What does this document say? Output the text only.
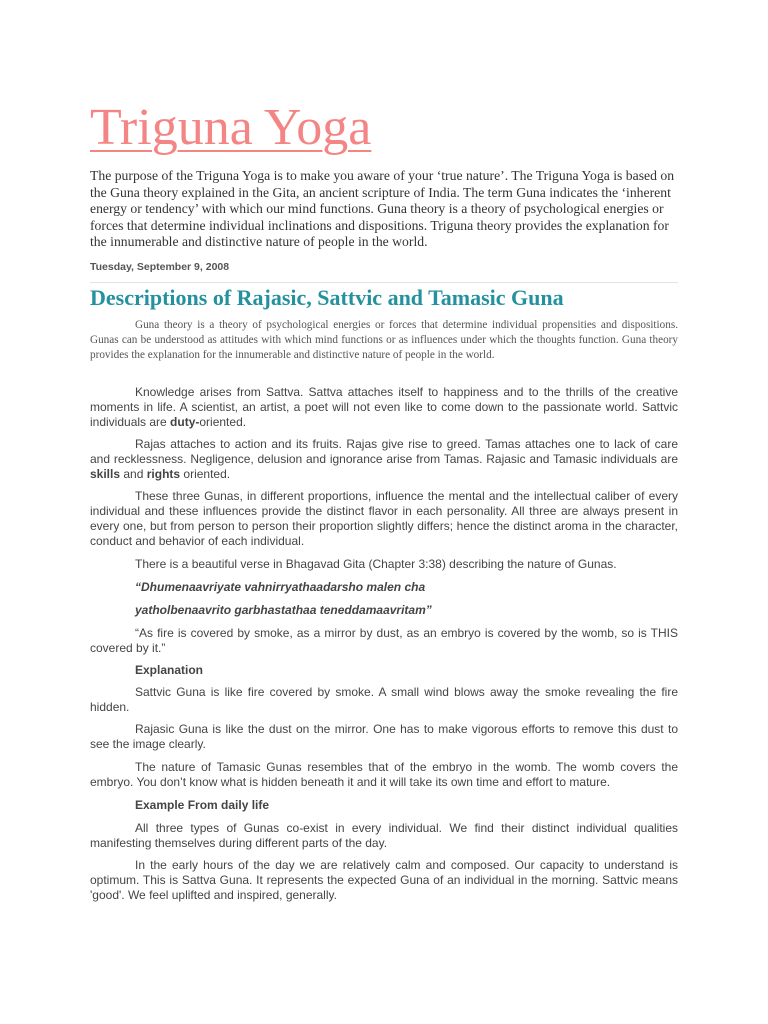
Triguna Yoga

The purpose of the Triguna Yoga is to make you aware of your ‘true nature’. The Triguna Yoga is based on the Guna theory explained in the Gita, an ancient scripture of India. The term Guna indicates the ‘inherent energy or tendency’ with which our mind functions. Guna theory is a theory of psychological energies or forces that determine individual inclinations and dispositions. Triguna theory provides the explanation for the innumerable and distinctive nature of people in the world.

Tuesday, September 9, 2008

Descriptions of Rajasic, Sattvic and Tamasic Guna

Guna theory is a theory of psychological energies or forces that determine individual propensities and dispositions. Gunas can be understood as attitudes with which mind functions or as influences under which the thoughts function. Guna theory provides the explanation for the innumerable and distinctive nature of people in the world.

Knowledge arises from Sattva. Sattva attaches itself to happiness and to the thrills of the creative moments in life. A scientist, an artist, a poet will not even like to come down to the passionate world. Sattvic individuals are duty-oriented.

Rajas attaches to action and its fruits. Rajas give rise to greed. Tamas attaches one to lack of care and recklessness. Negligence, delusion and ignorance arise from Tamas. Rajasic and Tamasic individuals are skills and rights oriented.

These three Gunas, in different proportions, influence the mental and the intellectual caliber of every individual and these influences provide the distinct flavor in each personality. All three are always present in every one, but from person to person their proportion slightly differs; hence the distinct aroma in the character, conduct and behavior of each individual.

There is a beautiful verse in Bhagavad Gita (Chapter 3:38) describing the nature of Gunas.

“Dhumenaavriyate vahnirryathaadarsho malen cha

yatholbenaavrito garbhastathaa teneddamaavritam”

“As fire is covered by smoke, as a mirror by dust, as an embryo is covered by the womb, so is THIS covered by it.”

Explanation

Sattvic Guna is like fire covered by smoke. A small wind blows away the smoke revealing the fire hidden.

Rajasic Guna is like the dust on the mirror. One has to make vigorous efforts to remove this dust to see the image clearly.

The nature of Tamasic Gunas resembles that of the embryo in the womb. The womb covers the embryo. You don’t know what is hidden beneath it and it will take its own time and effort to mature.

Example From daily life

All three types of Gunas co-exist in every individual. We find their distinct individual qualities manifesting themselves during different parts of the day.

In the early hours of the day we are relatively calm and composed. Our capacity to understand is optimum. This is Sattva Guna. It represents the expected Guna of an individual in the morning. Sattvic means 'good'. We feel uplifted and inspired, generally.
